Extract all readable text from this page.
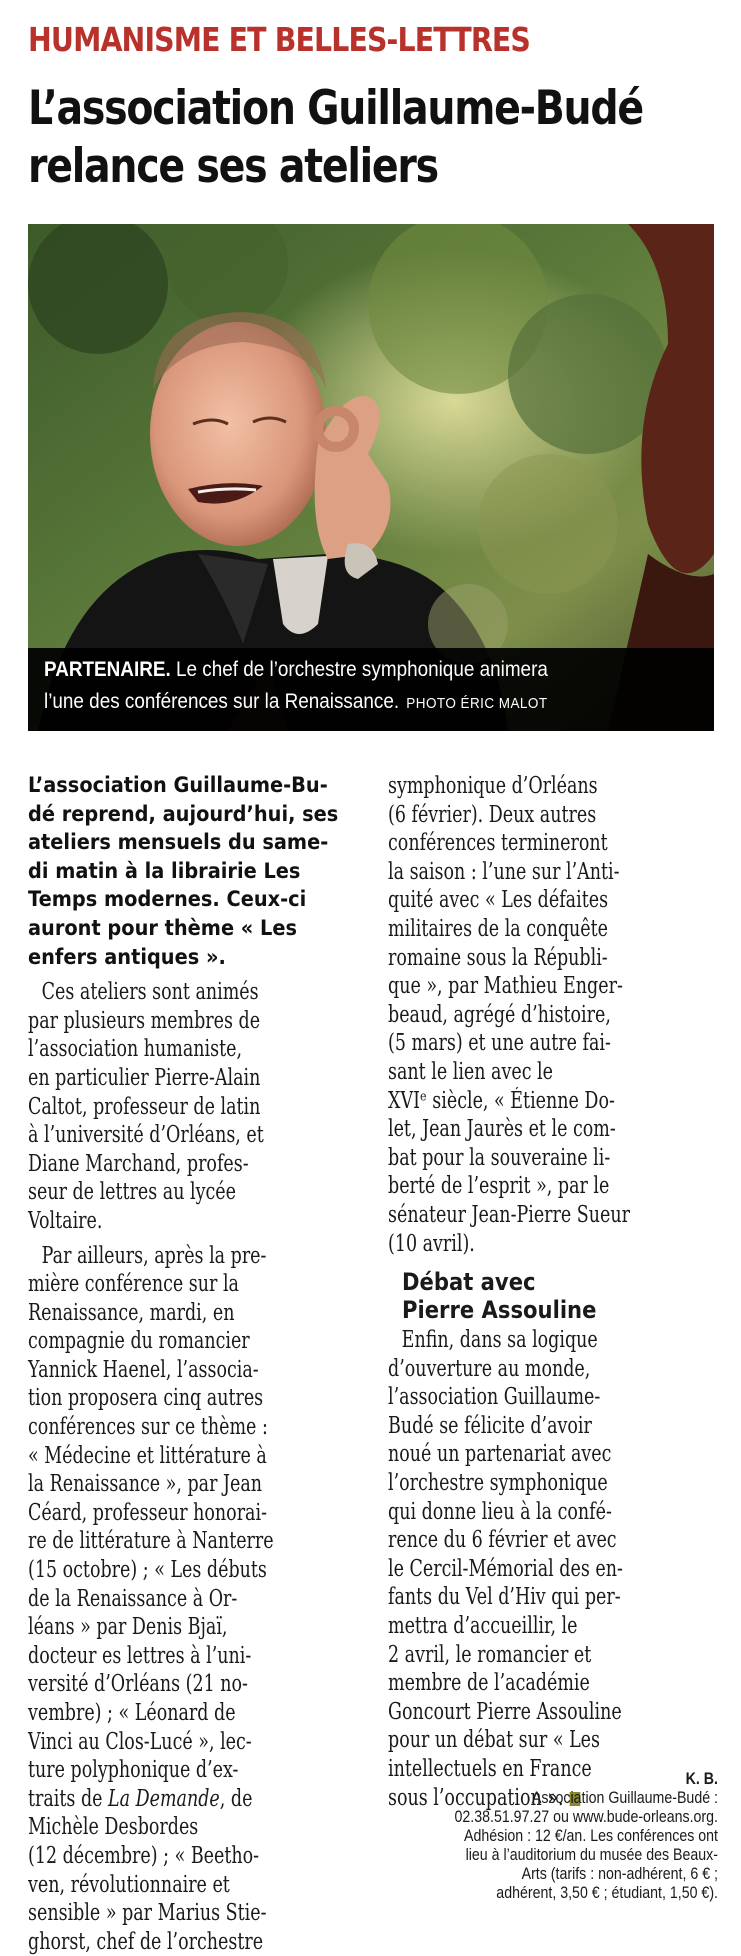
HUMANISME ET BELLES-LETTRES
L’association Guillaume-Budé
relance ses ateliers
PARTENAIRE. Le chef de l’orchestre symphonique animera
l’une des conférences sur la Renaissance. PHOTO ÉRIC MALOT

L’association Guillaume-Bu-
dé reprend, aujourd’hui, ses
ateliers mensuels du same-
di matin à la librairie Les
Temps modernes. Ceux-ci
auront pour thème « Les
enfers antiques ».

Ces ateliers sont animés
par plusieurs membres de
l’association humaniste,
en particulier Pierre-Alain
Caltot, professeur de latin
à l’université d’Orléans, et
Diane Marchand, profes-
seur de lettres au lycée
Voltaire.

Par ailleurs, après la pre-
mière conférence sur la
Renaissance, mardi, en
compagnie du romancier
Yannick Haenel, l’associa-
tion proposera cinq autres
conférences sur ce thème :
« Médecine et littérature à
la Renaissance », par Jean
Céard, professeur honorai-
re de littérature à Nanterre
(15 octobre) ; « Les débuts
de la Renaissance à Or-
léans » par Denis Bjaï,
docteur es lettres à l’uni-
versité d’Orléans (21 no-
vembre) ; « Léonard de
Vinci au Clos-Lucé », lec-
ture polyphonique d’ex-
traits de La Demande, de
Michèle Desbordes
(12 décembre) ; « Beetho-
ven, révolutionnaire et
sensible » par Marius Stie-
ghorst, chef de l’orchestre

symphonique d’Orléans
(6 février). Deux autres
conférences termineront
la saison : l’une sur l’Anti-
quité avec « Les défaites
militaires de la conquête
romaine sous la Républi-
que », par Mathieu Enger-
beaud, agrégé d’histoire,
(5 mars) et une autre fai-
sant le lien avec le
XVIᵉ siècle, « Étienne Do-
let, Jean Jaurès et le com-
bat pour la souveraine li-
berté de l’esprit », par le
sénateur Jean-Pierre Sueur
(10 avril).

Débat avec
Pierre Assouline

Enfin, dans sa logique
d’ouverture au monde,
l’association Guillaume-
Budé se félicite d’avoir
noué un partenariat avec
l’orchestre symphonique
qui donne lieu à la confé-
rence du 6 février et avec
le Cercil-Mémorial des en-
fants du Vel d’Hiv qui per-
mettra d’accueillir, le
2 avril, le romancier et
membre de l’académie
Goncourt Pierre Assouline
pour un débat sur « Les
intellectuels en France
sous l’occupation ».

K. B.
Association Guillaume-Budé :
02.38.51.97.27 ou www.bude-orleans.org.
Adhésion : 12 €/an. Les conférences ont
lieu à l’auditorium du musée des Beaux-
Arts (tarifs : non-adhérent, 6 € ;
adhérent, 3,50 € ; étudiant, 1,50 €).
